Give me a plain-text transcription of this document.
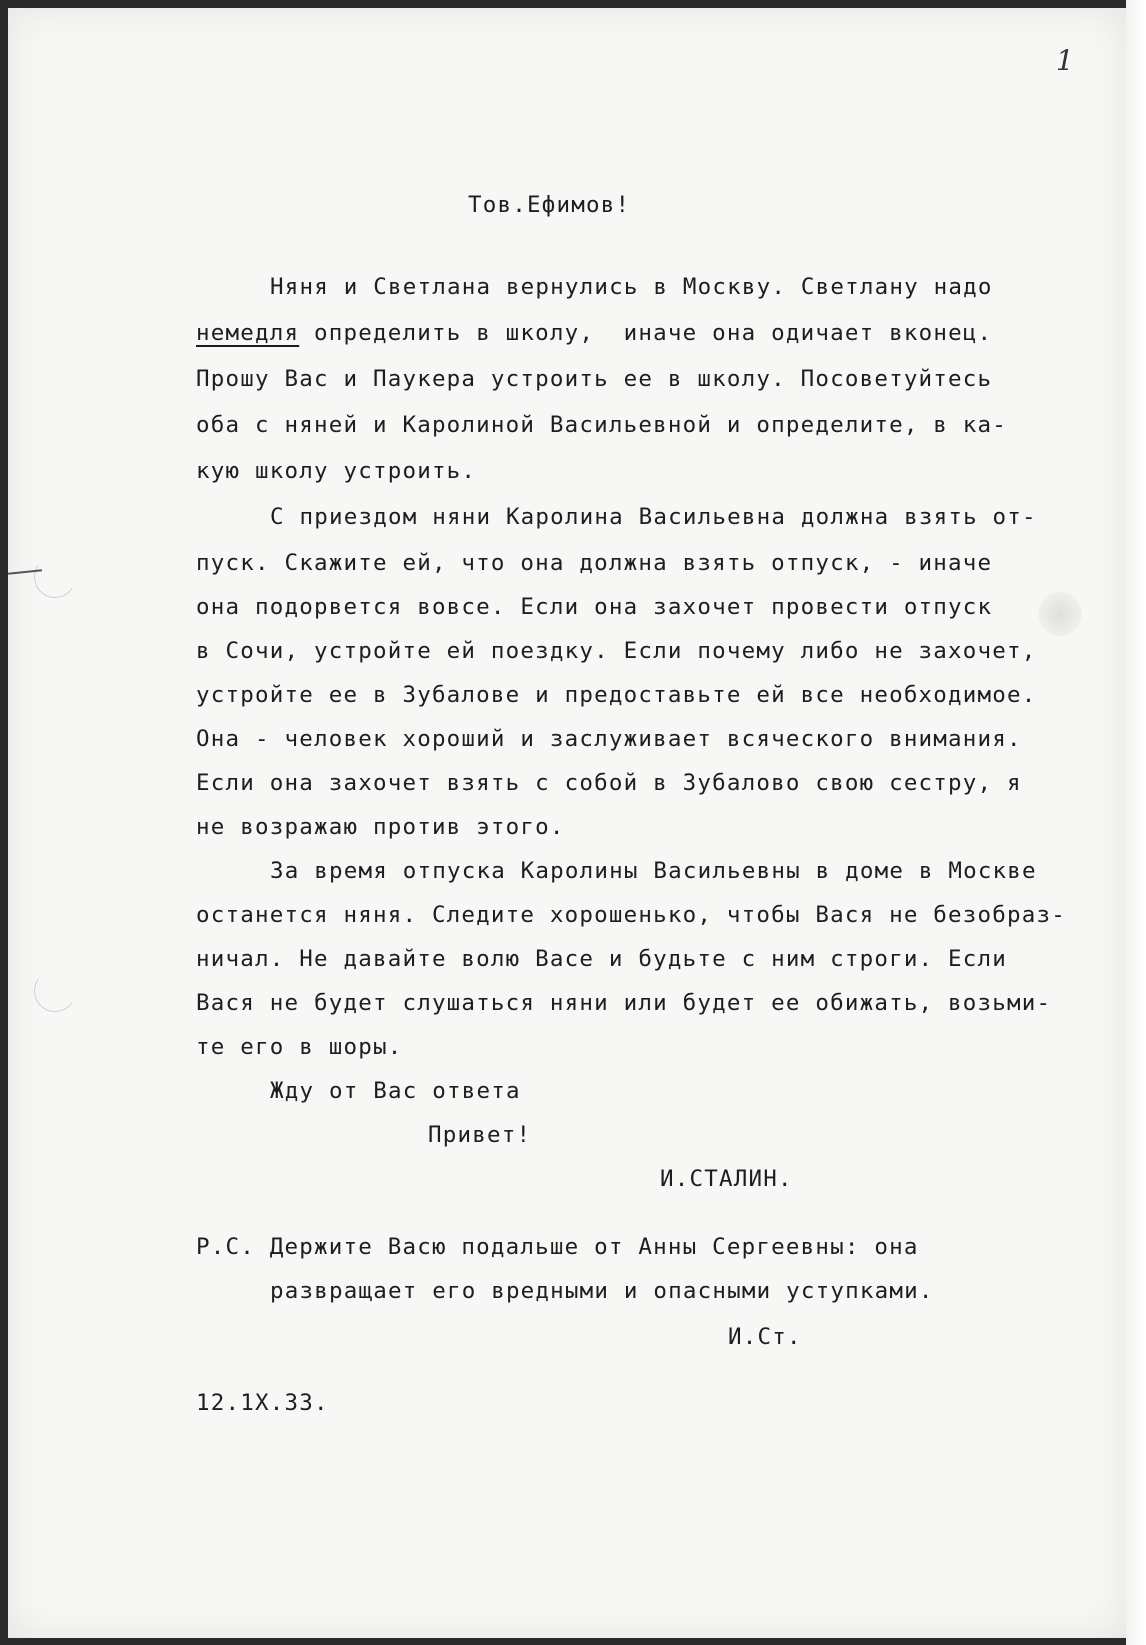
1
Тов.Ефимов!
Няня и Светлана вернулись в Москву. Светлану надо
немедля определить в школу,  иначе она одичает вконец.
Прошу Вас и Паукера устроить ее в школу. Посоветуйтесь
оба с няней и Каролиной Васильевной и определите, в ка-
кую школу устроить.
С приездом няни Каролина Васильевна должна взять от-
пуск. Скажите ей, что она должна взять отпуск, - иначе
она подорвется вовсе. Если она захочет провести отпуск
в Сочи, устройте ей поездку. Если почему либо не захочет,
устройте ее в Зубалове и предоставьте ей все необходимое.
Она - человек хороший и заслуживает всяческого внимания.
Если она захочет взять с собой в Зубалово свою сестру, я
не возражаю против этого.
За время отпуска Каролины Васильевны в доме в Москве
останется няня. Следите хорошенько, чтобы Вася не безобраз-
ничал. Не давайте волю Васе и будьте с ним строги. Если
Вася не будет слушаться няни или будет ее обижать, возьми-
те его в шоры.
Жду от Вас ответа
Привет!
И.СТАЛИН.
Р.С. Держите Васю подальше от Анны Сергеевны: она
развращает его вредными и опасными уступками.
И.Ст.
12.1Х.33.
